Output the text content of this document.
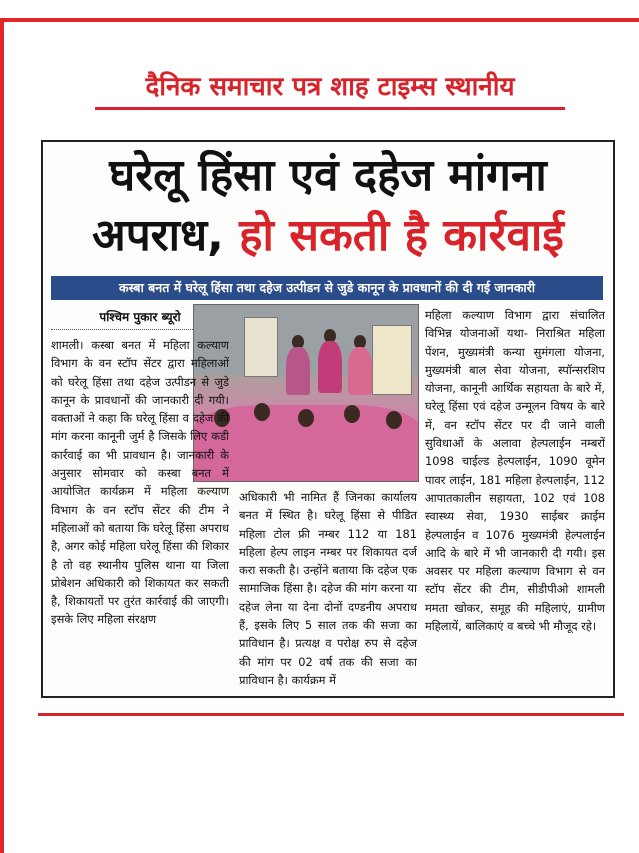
दैनिक समाचार पत्र शाह टाइम्स स्थानीय
घरेलू हिंसा एवं दहेज मांगना
अपराध, हो सकती है कार्रवाई
कस्बा बनत में घरेलू हिंसा तथा दहेज उत्पीडन से जुडे कानून के प्रावधानों की दी गई जानकारी
पश्चिम पुकार ब्यूरो
शामली। कस्बा बनत में महिला कल्याण विभाग के वन स्टॉप सेंटर द्वारा महिलाओं को घरेलू हिंसा तथा दहेज उत्पीडन से जुडे कानून के प्रावधानों की जानकारी दी गयी। वक्ताओं ने कहा कि घरेलू हिंसा व दहेज की मांग करना कानूनी जुर्म है जिसके लिए कडी कार्रवाई का भी प्रावधान है। जानकारी के अनुसार सोमवार को कस्बा बनत में आयोजित कार्यक्रम में महिला कल्याण विभाग के वन स्टॉप सेंटर की टीम ने महिलाओं को बताया कि घरेलू हिंसा अपराध है, अगर कोई महिला घरेलू हिंसा की शिकार है तो वह स्थानीय पुलिस थाना या जिला प्रोबेशन अधिकारी को शिकायत कर सकती है, शिकायतों पर तुरंत कार्रवाई की जाएगी। इसके लिए महिला संरक्षण
अधिकारी भी नामित हैं जिनका कार्यालय बनत में स्थित है। घरेलू हिंसा से पीडित महिला टोल फ्री नम्बर 112 या 181 महिला हेल्प लाइन नम्बर पर शिकायत दर्ज करा सकती है। उन्होंने बताया कि दहेज एक सामाजिक हिंसा है। दहेज की मांग करना या दहेज लेना या देना दोनों दण्डनीय अपराध हैं, इसके लिए 5 साल तक की सजा का प्राविधान है। प्रत्यक्ष व परोक्ष रुप से दहेज की मांग पर 02 वर्ष तक की सजा का प्राविधान है। कार्यक्रम में
महिला कल्याण विभाग द्वारा संचालित विभिन्न योजनाओं यथा- निराश्रित महिला पेंशन, मुख्यमंत्री कन्या सुमंगला योजना, मुख्यमंत्री बाल सेवा योजना, स्पॉन्सरशिप योजना, कानूनी आर्थिक सहायता के बारे में, घरेलू हिंसा एवं दहेज उन्मूलन विषय के बारे में, वन स्टॉप सेंटर पर दी जाने वाली सुविधाओं के अलावा हेल्पलाईन नम्बरों 1098 चाईल्ड हेल्पलाईन, 1090 वूमेन पावर लाईन, 181 महिला हेल्पलाईन, 112 आपातकालीन सहायता, 102 एवं 108 स्वास्थ्य सेवा, 1930 साईबर क्राईम हेल्पलाईन व 1076 मुख्यमंत्री हेल्पलाईन आदि के बारे में भी जानकारी दी गयी। इस अवसर पर महिला कल्याण विभाग से वन स्टॉप सेंटर की टीम, सीडीपीओ शामली ममता खोकर, समूह की महिलाएं, ग्रामीण महिलायें, बालिकाएं व बच्चे भी मौजूद रहे।
